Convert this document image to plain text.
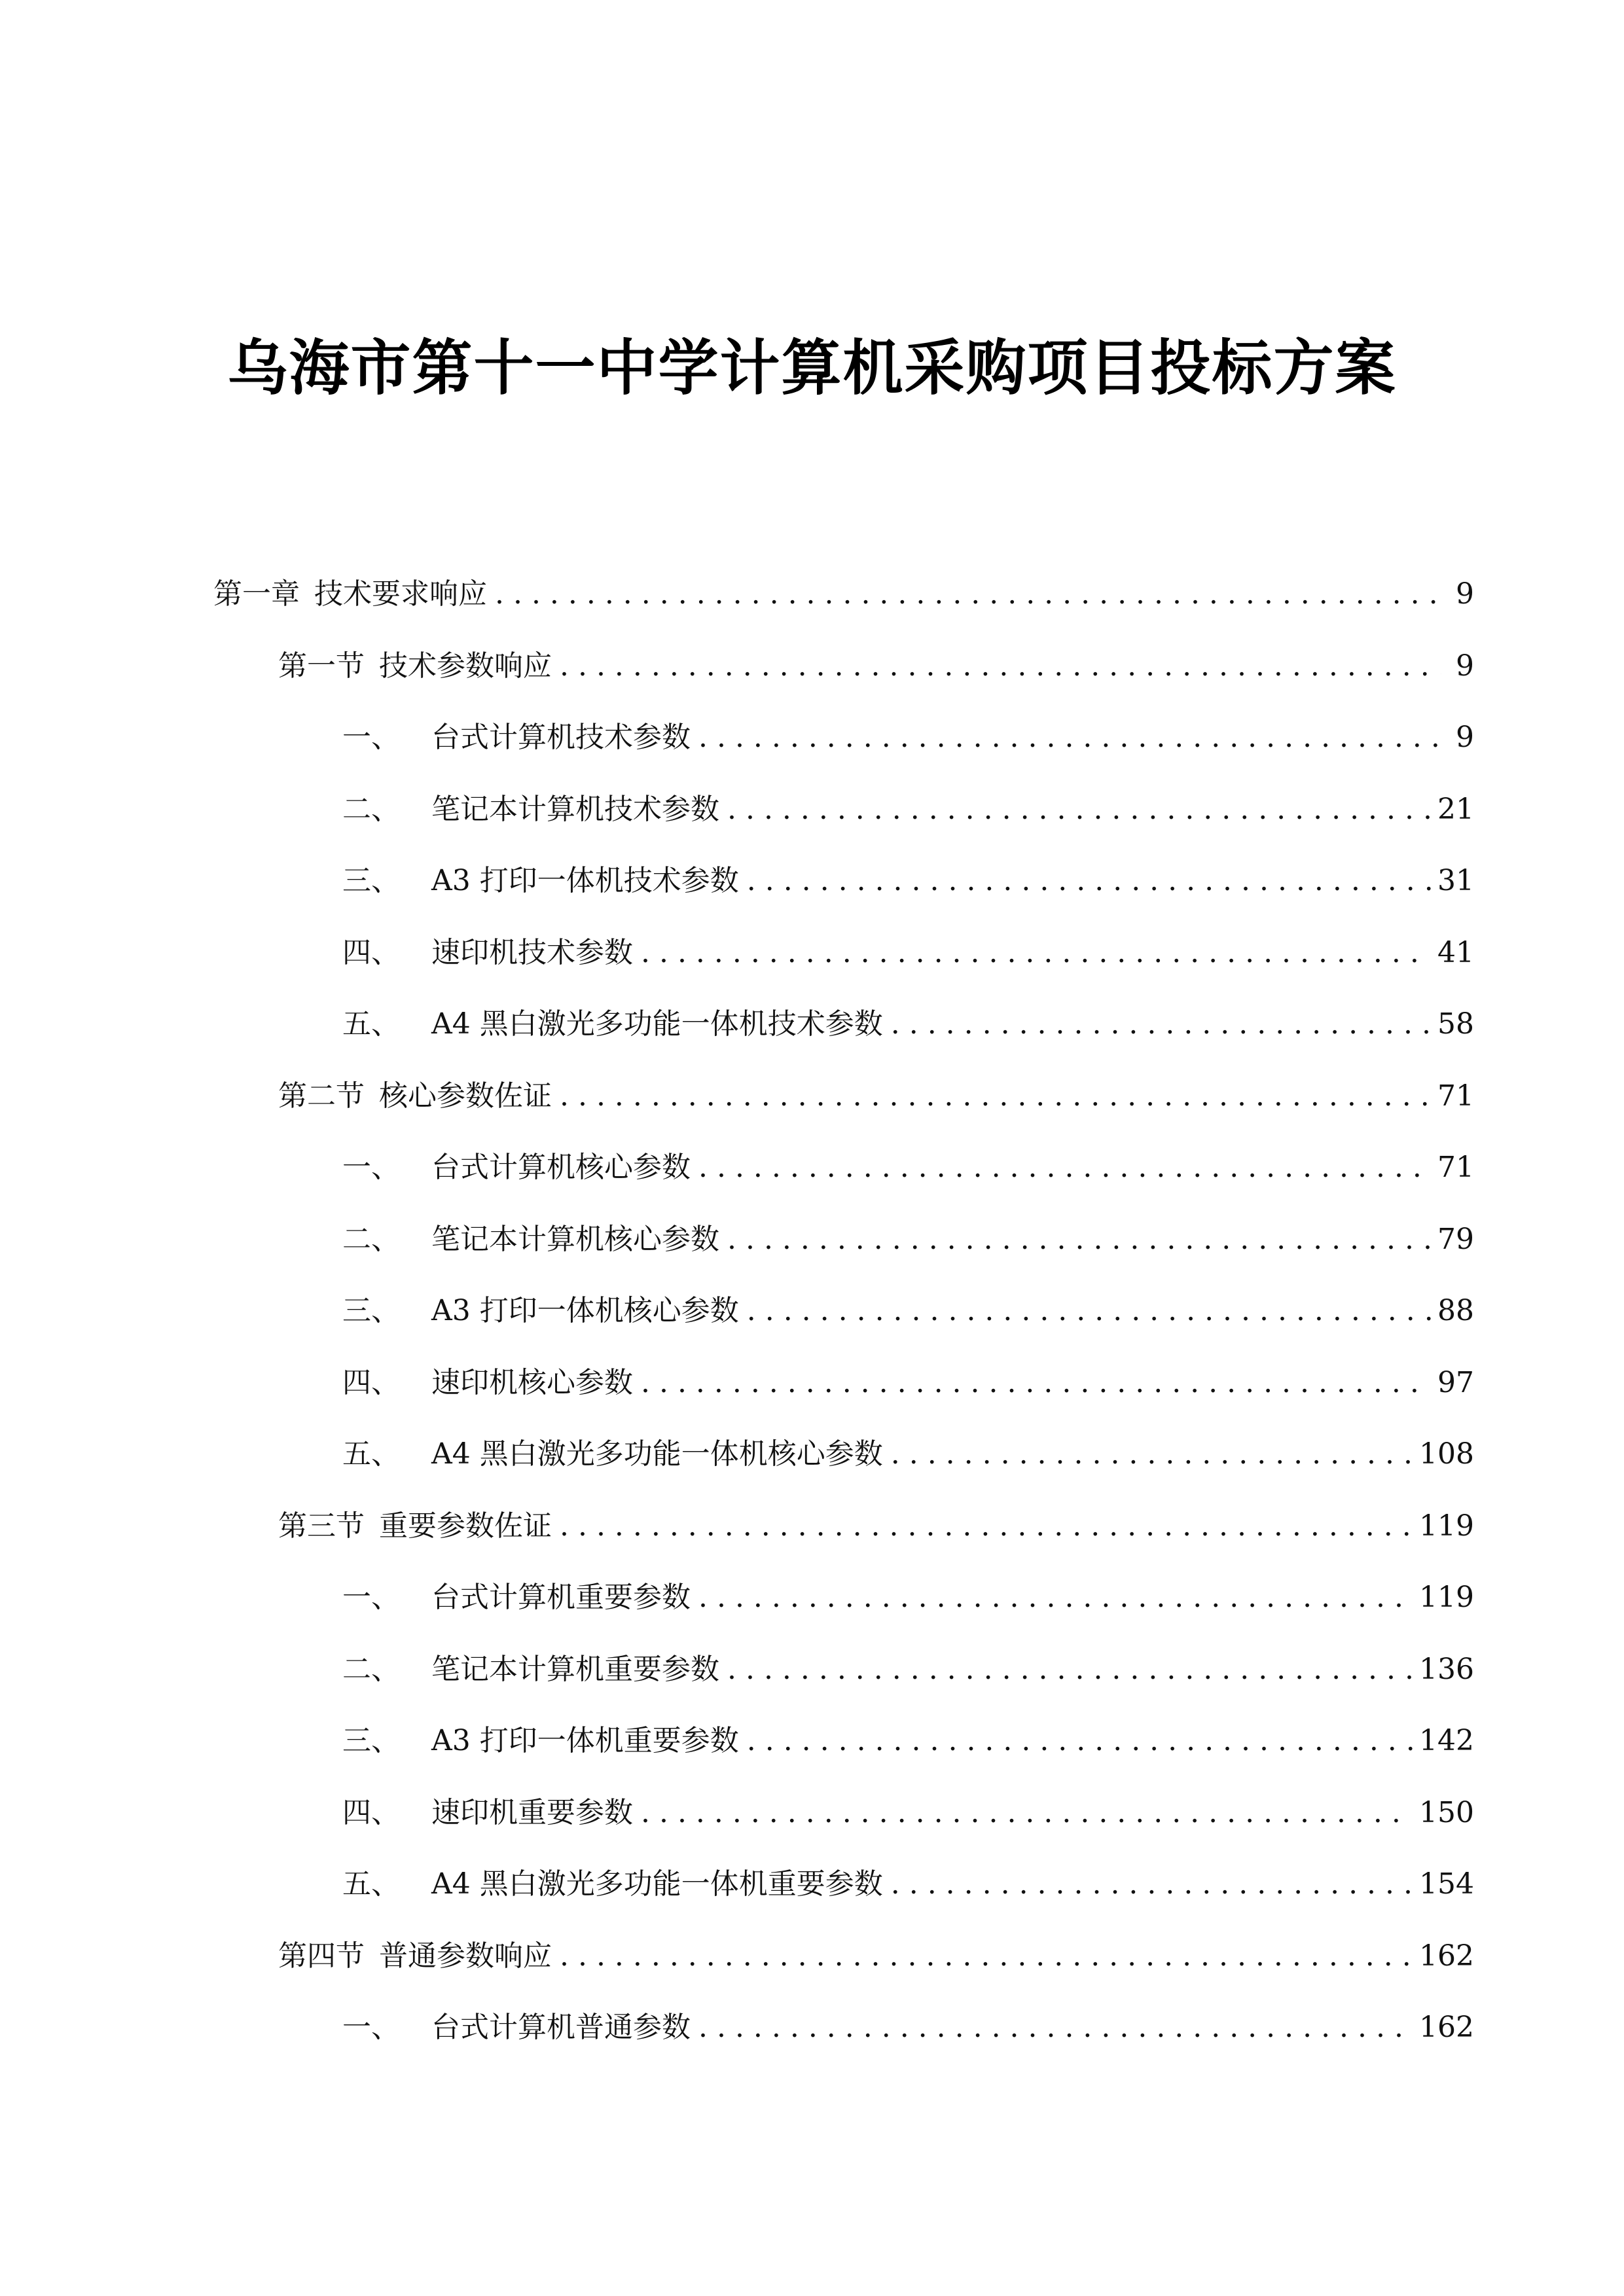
乌海市第十一中学计算机采购项目投标方案
第一章 技术要求响应 . . .	9
第一节 技术参数响应 . . .	9
一、 台式计算机技术参数 . . .	9
二、 笔记本计算机技术参数 . . .	21
三、 A3 打印一体机技术参数 . . .	31
四、 速印机技术参数 . . .	41
五、 A4 黑白激光多功能一体机技术参数 . . .	58
第二节 核心参数佐证 . . .	71
一、 台式计算机核心参数 . . .	71
二、 笔记本计算机核心参数 . . .	79
三、 A3 打印一体机核心参数 . . .	88
四、 速印机核心参数 . . .	97
五、 A4 黑白激光多功能一体机核心参数 . . .	108
第三节 重要参数佐证 . . .	119
一、 台式计算机重要参数 . . .	119
二、 笔记本计算机重要参数 . . .	136
三、 A3 打印一体机重要参数 . . .	142
四、 速印机重要参数 . . .	150
五、 A4 黑白激光多功能一体机重要参数 . . .	154
第四节 普通参数响应 . . .	162
一、 台式计算机普通参数 . . .	162
